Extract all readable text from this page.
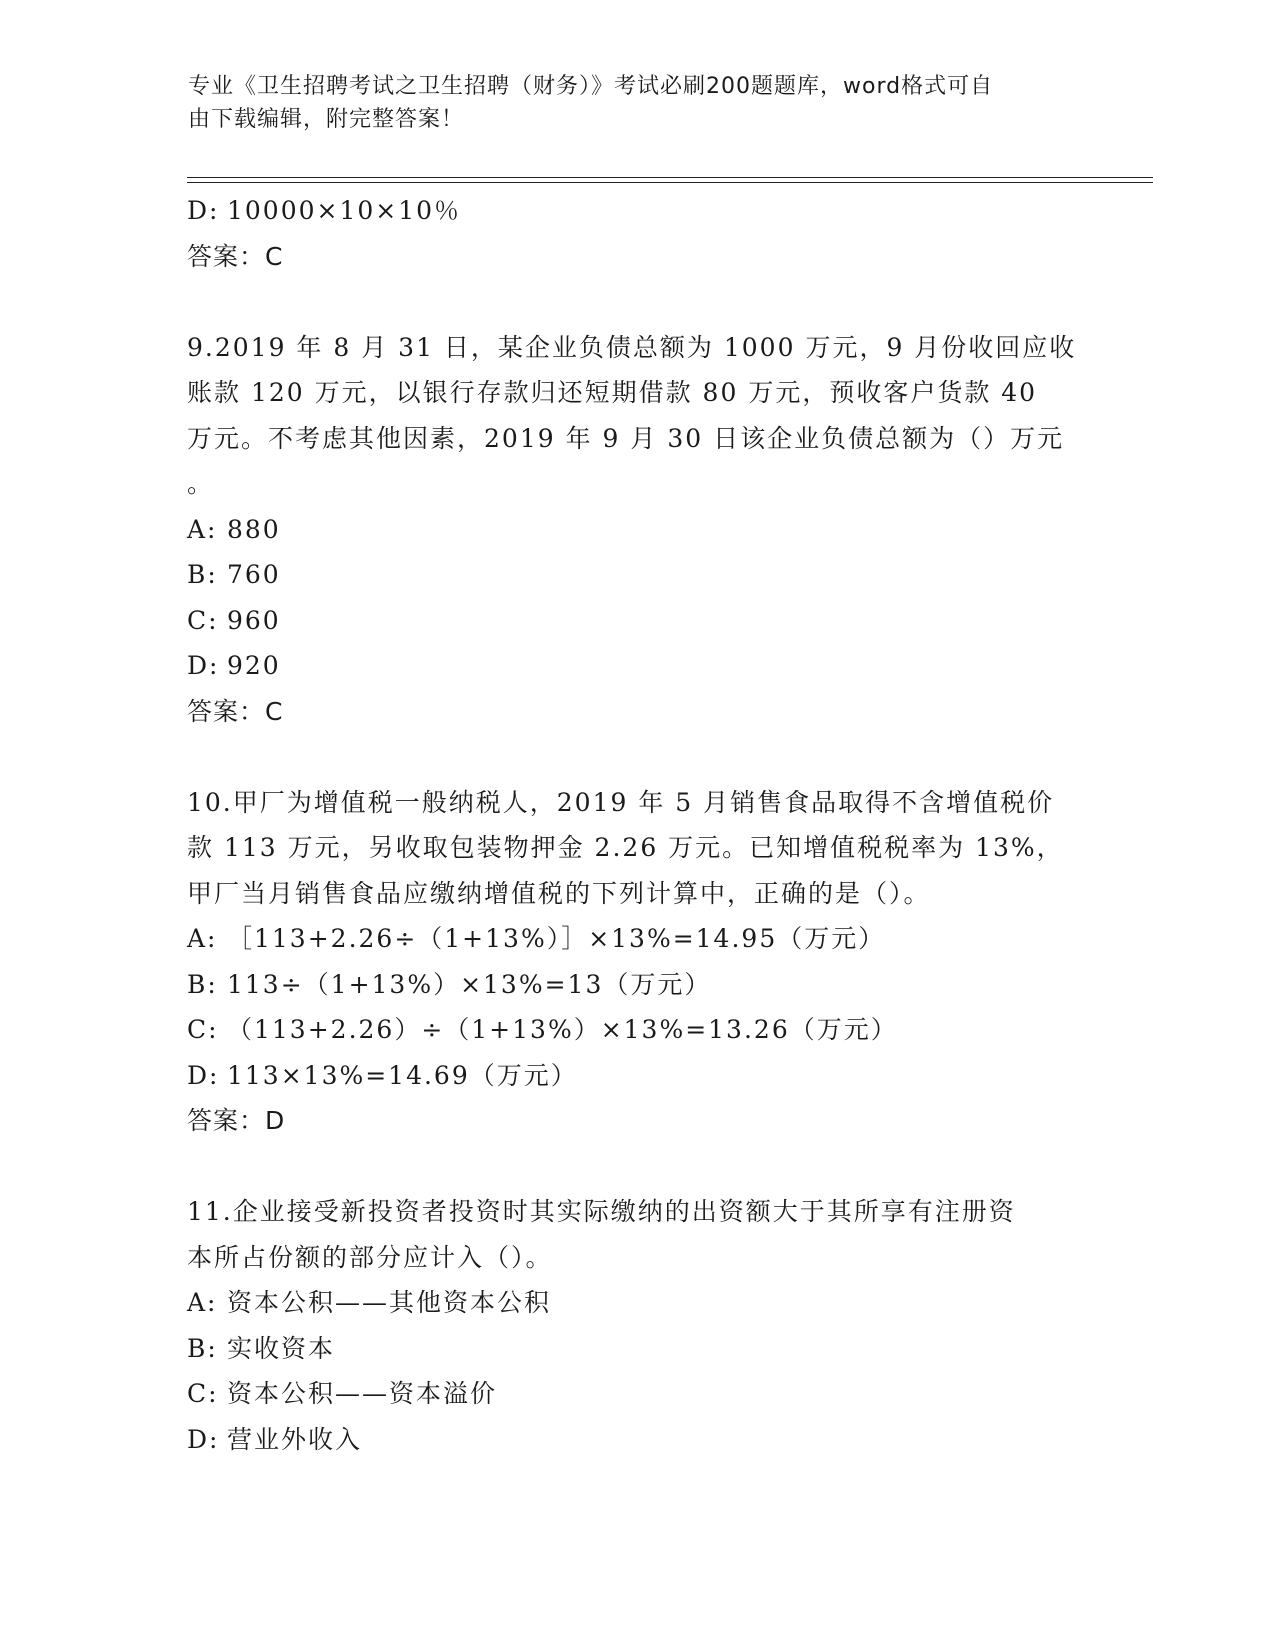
专业《卫生招聘考试之卫生招聘（财务）》考试必刷200题题库，word格式可自
由下载编辑，附完整答案！
D: 10000×10×10％
答案：C
9.2019 年 8 月 31 日，某企业负债总额为 1000 万元，9 月份收回应收
账款 120 万元，以银行存款归还短期借款 80 万元，预收客户货款 40
万元。不考虑其他因素，2019 年 9 月 30 日该企业负债总额为（）万元
。
A: 880
B: 760
C: 960
D: 920
答案：C
10.甲厂为增值税一般纳税人，2019 年 5 月销售食品取得不含增值税价
款 113 万元，另收取包装物押金 2.26 万元。已知增值税税率为 13%，
甲厂当月销售食品应缴纳增值税的下列计算中，正确的是（）。
A: ［113+2.26÷（1+13%）］×13%=14.95（万元）
B: 113÷（1+13%）×13%=13（万元）
C: （113+2.26）÷（1+13%）×13%=13.26（万元）
D: 113×13%=14.69（万元）
答案：D
11.企业接受新投资者投资时其实际缴纳的出资额大于其所享有注册资
本所占份额的部分应计入（）。
A: 资本公积——其他资本公积
B: 实收资本
C: 资本公积——资本溢价
D: 营业外收入
